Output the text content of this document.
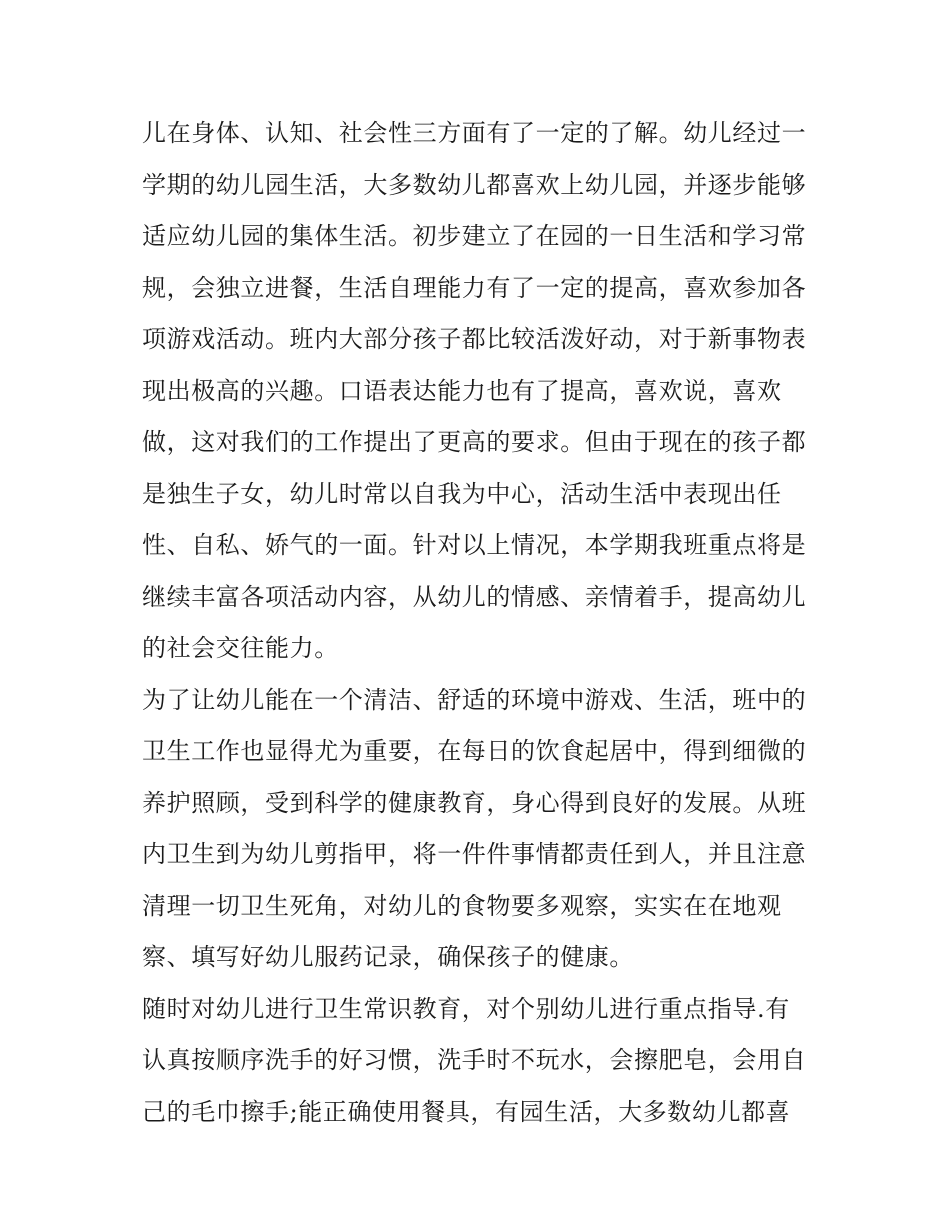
儿在身体、认知、社会性三方面有了一定的了解。幼儿经过一
学期的幼儿园生活，大多数幼儿都喜欢上幼儿园，并逐步能够
适应幼儿园的集体生活。初步建立了在园的一日生活和学习常
规，会独立进餐，生活自理能力有了一定的提高，喜欢参加各
项游戏活动。班内大部分孩子都比较活泼好动，对于新事物表
现出极高的兴趣。口语表达能力也有了提高，喜欢说，喜欢
做，这对我们的工作提出了更高的要求。但由于现在的孩子都
是独生子女，幼儿时常以自我为中心，活动生活中表现出任
性、自私、娇气的一面。针对以上情况，本学期我班重点将是
继续丰富各项活动内容，从幼儿的情感、亲情着手，提高幼儿
的社会交往能力。
为了让幼儿能在一个清洁、舒适的环境中游戏、生活，班中的
卫生工作也显得尤为重要，在每日的饮食起居中，得到细微的
养护照顾，受到科学的健康教育，身心得到良好的发展。从班
内卫生到为幼儿剪指甲，将一件件事情都责任到人，并且注意
清理一切卫生死角，对幼儿的食物要多观察，实实在在地观
察、填写好幼儿服药记录，确保孩子的健康。
随时对幼儿进行卫生常识教育，对个别幼儿进行重点指导.有
认真按顺序洗手的好习惯，洗手时不玩水，会擦肥皂，会用自
己的毛巾擦手;能正确使用餐具，有园生活，大多数幼儿都喜
